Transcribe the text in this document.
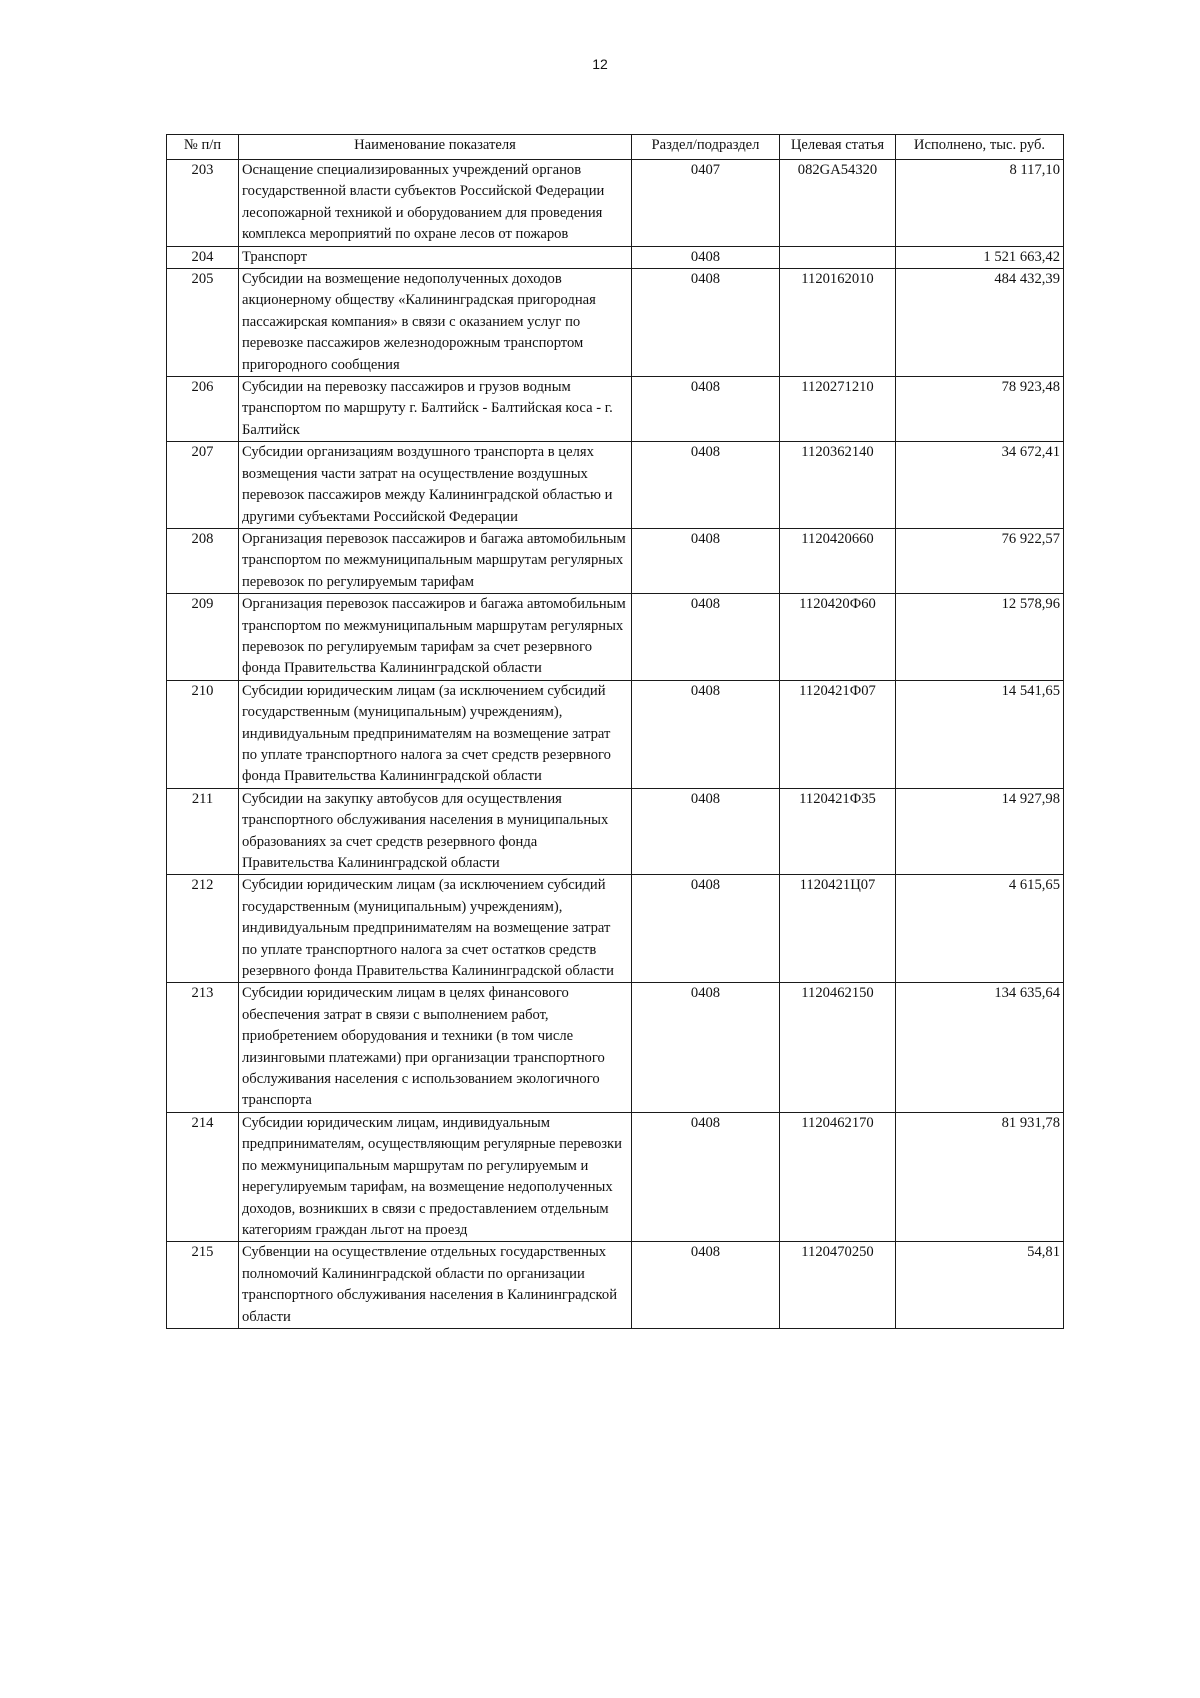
12
№ п/п	Наименование показателя	Раздел/подраздел	Целевая статья	Исполнено, тыс. руб.
203	Оснащение специализированных учреждений органов государственной власти субъектов Российской Федерации лесопожарной техникой и оборудованием для проведения комплекса мероприятий по охране лесов от пожаров	0407	082GA54320	8 117,10
204	Транспорт	0408		1 521 663,42
205	Субсидии на возмещение недополученных доходов акционерному обществу «Калининградская пригородная пассажирская компания» в связи с оказанием услуг по перевозке пассажиров железнодорожным транспортом пригородного сообщения	0408	1120162010	484 432,39
206	Субсидии на перевозку пассажиров и грузов водным транспортом по маршруту г. Балтийск - Балтийская коса - г. Балтийск	0408	1120271210	78 923,48
207	Субсидии организациям воздушного транспорта в целях возмещения части затрат на осуществление воздушных перевозок пассажиров между Калининградской областью и другими субъектами Российской Федерации	0408	1120362140	34 672,41
208	Организация перевозок пассажиров и багажа автомобильным транспортом по межмуниципальным маршрутам регулярных перевозок по регулируемым тарифам	0408	1120420660	76 922,57
209	Организация перевозок пассажиров и багажа автомобильным транспортом по межмуниципальным маршрутам регулярных перевозок по регулируемым тарифам за счет резервного фонда Правительства Калининградской области	0408	1120420Ф60	12 578,96
210	Субсидии юридическим лицам (за исключением субсидий государственным (муниципальным) учреждениям), индивидуальным предпринимателям на возмещение затрат по уплате транспортного налога за счет средств резервного фонда Правительства Калининградской области	0408	1120421Ф07	14 541,65
211	Субсидии на закупку автобусов для осуществления транспортного обслуживания населения в муниципальных образованиях за счет средств резервного фонда Правительства Калининградской области	0408	1120421Ф35	14 927,98
212	Субсидии юридическим лицам (за исключением субсидий государственным (муниципальным) учреждениям), индивидуальным предпринимателям на возмещение затрат по уплате транспортного налога за счет остатков средств резервного фонда Правительства Калининградской области	0408	1120421Ц07	4 615,65
213	Субсидии юридическим лицам в целях финансового обеспечения затрат в связи с выполнением работ, приобретением оборудования и техники (в том числе лизинговыми платежами) при организации транспортного обслуживания населения с использованием экологичного транспорта	0408	1120462150	134 635,64
214	Субсидии юридическим лицам, индивидуальным предпринимателям, осуществляющим регулярные перевозки по межмуниципальным маршрутам по регулируемым и нерегулируемым тарифам, на возмещение недополученных доходов, возникших в связи с предоставлением отдельным категориям граждан льгот на проезд	0408	1120462170	81 931,78
215	Субвенции на осуществление отдельных государственных полномочий Калининградской области по организации транспортного обслуживания населения в Калининградской области	0408	1120470250	54,81
